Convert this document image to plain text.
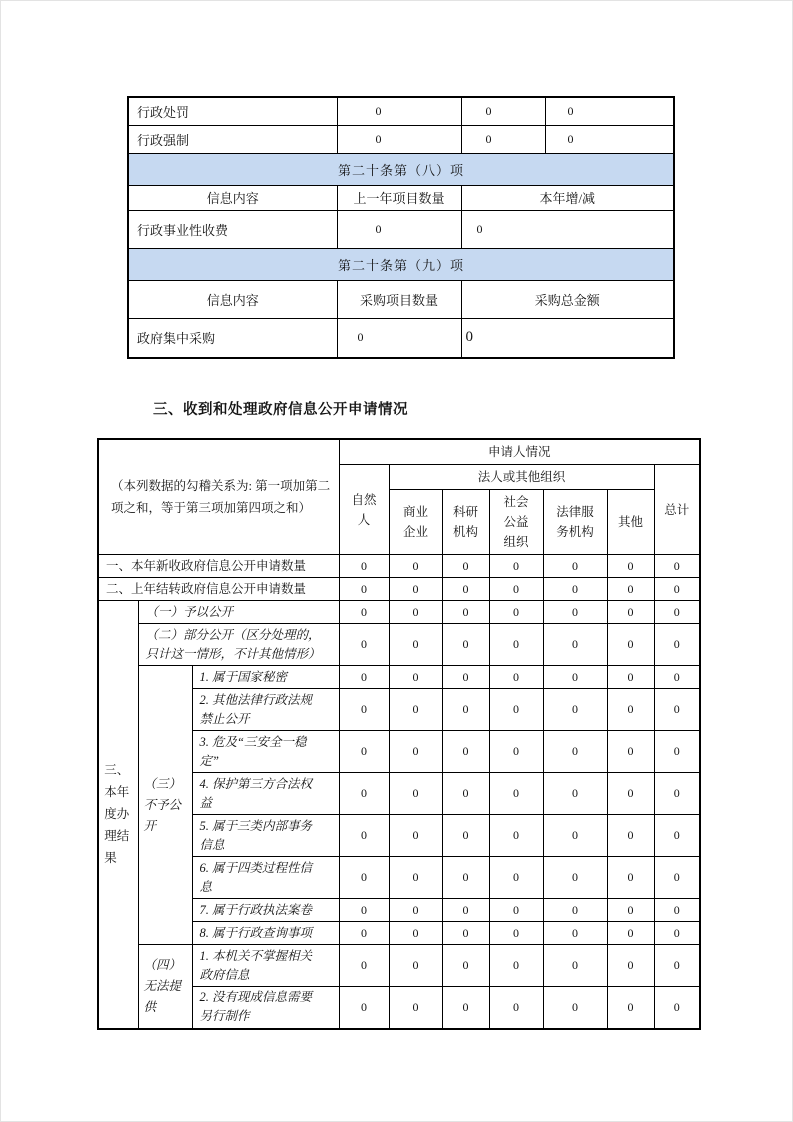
行政处罚	0	0	0
行政强制	0	0	0
第二十条第（八）项			
信息内容	上一年项目数量	本年增/减	
行政事业性收费	0	0	
第二十条第（九）项			
信息内容	采购项目数量	采购总金额	
政府集中采购	0	0	
三、收到和处理政府信息公开申请情况
（本列数据的勾稽关系为: 第一项加第二项之和，等于第三项加第四项之和）			申请人情况						
			自然人	法人或其他组织					总计
				商业企业	科研机构	社会公益组织	法律服务机构	其他	
一、本年新收政府信息公开申请数量			0	0	0	0	0	0	0
二、上年结转政府信息公开申请数量			0	0	0	0	0	0	0

三、本年度办理结果	（一）予以公开		0	0	0	0	0	0	0
	（二）部分公开（区分处理的，只计这一情形，不计其他情形）		0	0	0	0	0	0	0

	（三）不予公开	1. 属于国家秘密	0	0	0	0	0	0	0
		2. 其他法律行政法规禁止公开	0	0	0	0	0	0	0
		3. 危及“三安全一稳定”	0	0	0	0	0	0	0
		4. 保护第三方合法权益	0	0	0	0	0	0	0
		5. 属于三类内部事务信息	0	0	0	0	0	0	0
		6. 属于四类过程性信息	0	0	0	0	0	0	0
		7. 属于行政执法案卷	0	0	0	0	0	0	0
		8. 属于行政查询事项	0	0	0	0	0	0	0

	（四）无法提供	1. 本机关不掌握相关政府信息	0	0	0	0	0	0	0
		2. 没有现成信息需要另行制作	0	0	0	0	0	0	0
